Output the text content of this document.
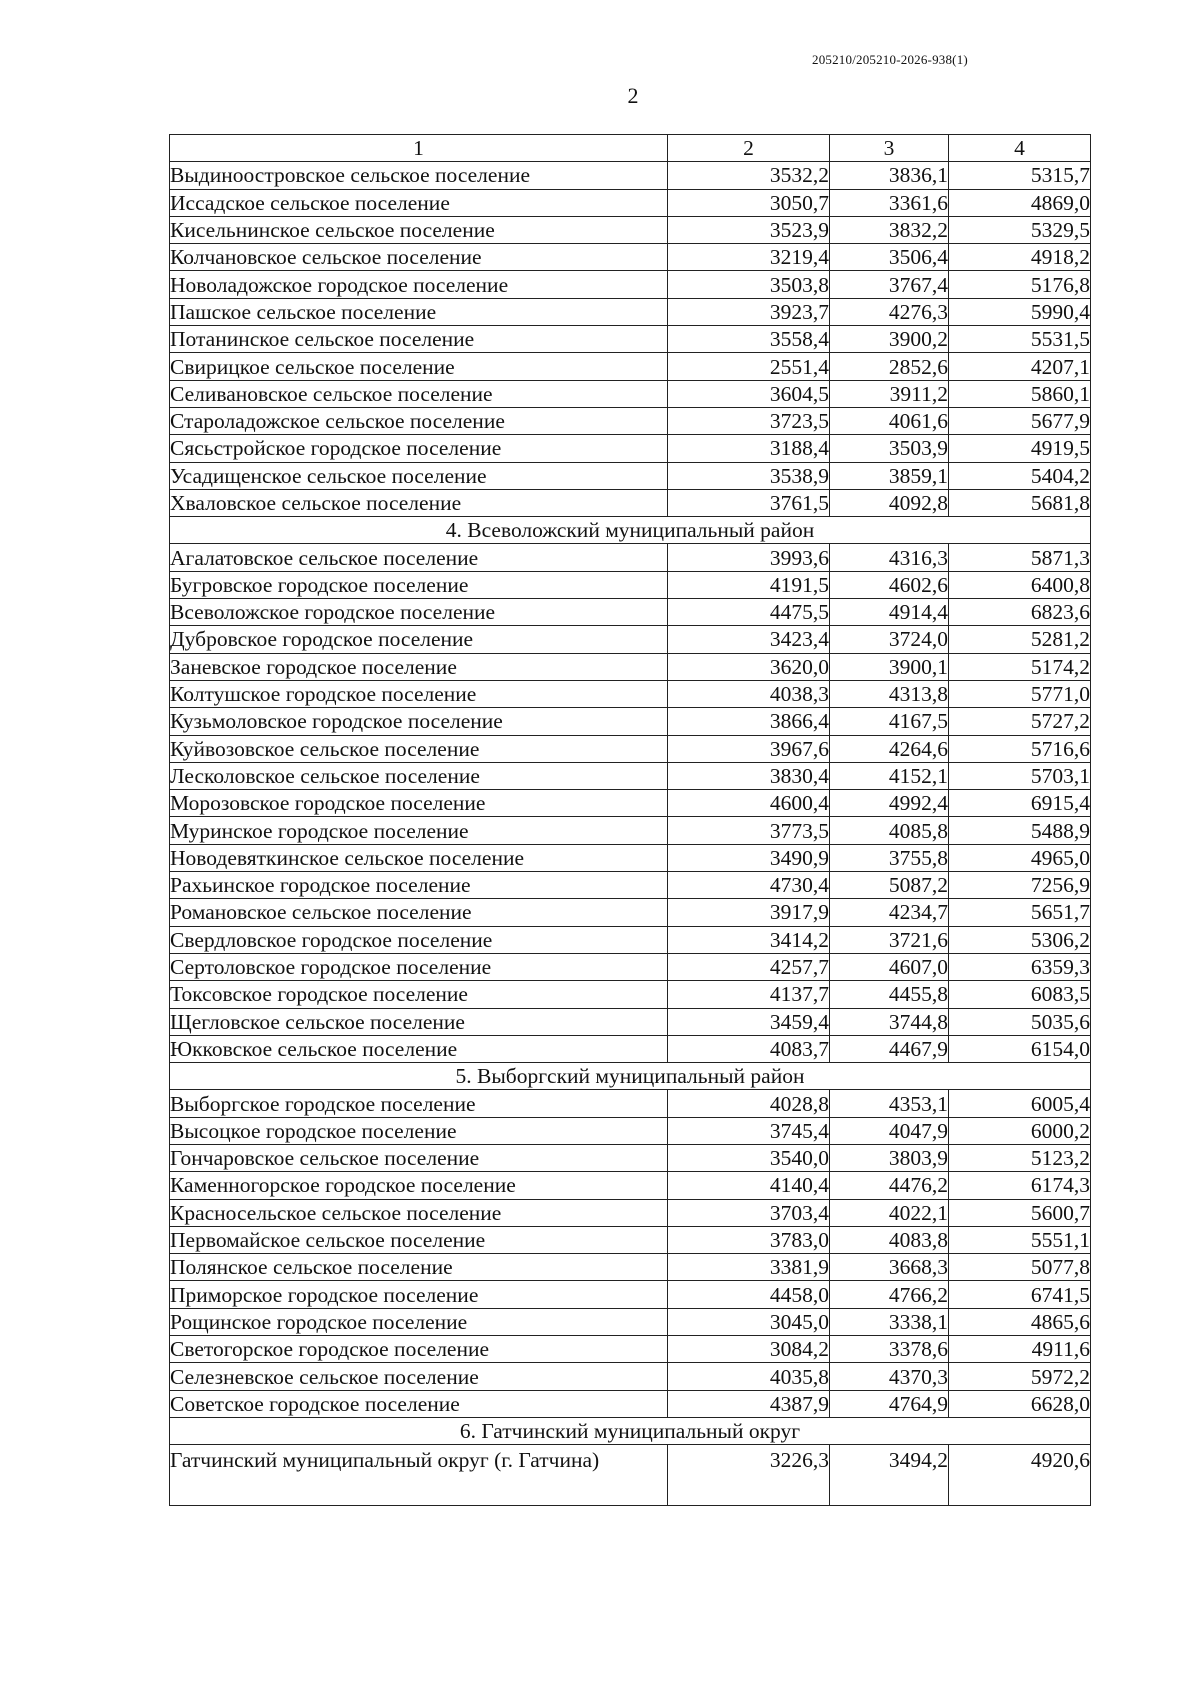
205210/205210-2026-938(1)
2
1	2	3	4
Выдиноостровское сельское поселение	3532,2	3836,1	5315,7
Иссадское сельское поселение	3050,7	3361,6	4869,0
Кисельнинское сельское поселение	3523,9	3832,2	5329,5
Колчановское сельское поселение	3219,4	3506,4	4918,2
Новоладожское городское поселение	3503,8	3767,4	5176,8
Пашское сельское поселение	3923,7	4276,3	5990,4
Потанинское сельское поселение	3558,4	3900,2	5531,5
Свирицкое сельское поселение	2551,4	2852,6	4207,1
Селивановское сельское поселение	3604,5	3911,2	5860,1
Староладожское сельское поселение	3723,5	4061,6	5677,9
Сясьстройское городское поселение	3188,4	3503,9	4919,5
Усадищенское сельское поселение	3538,9	3859,1	5404,2
Хваловское сельское поселение	3761,5	4092,8	5681,8
4. Всеволожский муниципальный район			
Агалатовское сельское поселение	3993,6	4316,3	5871,3
Бугровское городское поселение	4191,5	4602,6	6400,8
Всеволожское городское поселение	4475,5	4914,4	6823,6
Дубровское городское поселение	3423,4	3724,0	5281,2
Заневское городское поселение	3620,0	3900,1	5174,2
Колтушское городское поселение	4038,3	4313,8	5771,0
Кузьмоловское городское поселение	3866,4	4167,5	5727,2
Куйвозовское сельское поселение	3967,6	4264,6	5716,6
Лесколовское сельское поселение	3830,4	4152,1	5703,1
Морозовское городское поселение	4600,4	4992,4	6915,4
Муринское городское поселение	3773,5	4085,8	5488,9
Новодевяткинское сельское поселение	3490,9	3755,8	4965,0
Рахьинское городское поселение	4730,4	5087,2	7256,9
Романовское сельское поселение	3917,9	4234,7	5651,7
Свердловское городское поселение	3414,2	3721,6	5306,2
Сертоловское городское поселение	4257,7	4607,0	6359,3
Токсовское городское поселение	4137,7	4455,8	6083,5
Щегловское сельское поселение	3459,4	3744,8	5035,6
Юкковское сельское поселение	4083,7	4467,9	6154,0
5. Выборгский муниципальный район			
Выборгское городское поселение	4028,8	4353,1	6005,4
Высоцкое городское поселение	3745,4	4047,9	6000,2
Гончаровское сельское поселение	3540,0	3803,9	5123,2
Каменногорское городское поселение	4140,4	4476,2	6174,3
Красносельское сельское поселение	3703,4	4022,1	5600,7
Первомайское сельское поселение	3783,0	4083,8	5551,1
Полянское сельское поселение	3381,9	3668,3	5077,8
Приморское городское поселение	4458,0	4766,2	6741,5
Рощинское городское поселение	3045,0	3338,1	4865,6
Светогорское городское поселение	3084,2	3378,6	4911,6
Селезневское сельское поселение	4035,8	4370,3	5972,2
Советское городское поселение	4387,9	4764,9	6628,0
6. Гатчинский муниципальный округ			
Гатчинский муниципальный округ (г. Гатчина)	3226,3	3494,2	4920,6
